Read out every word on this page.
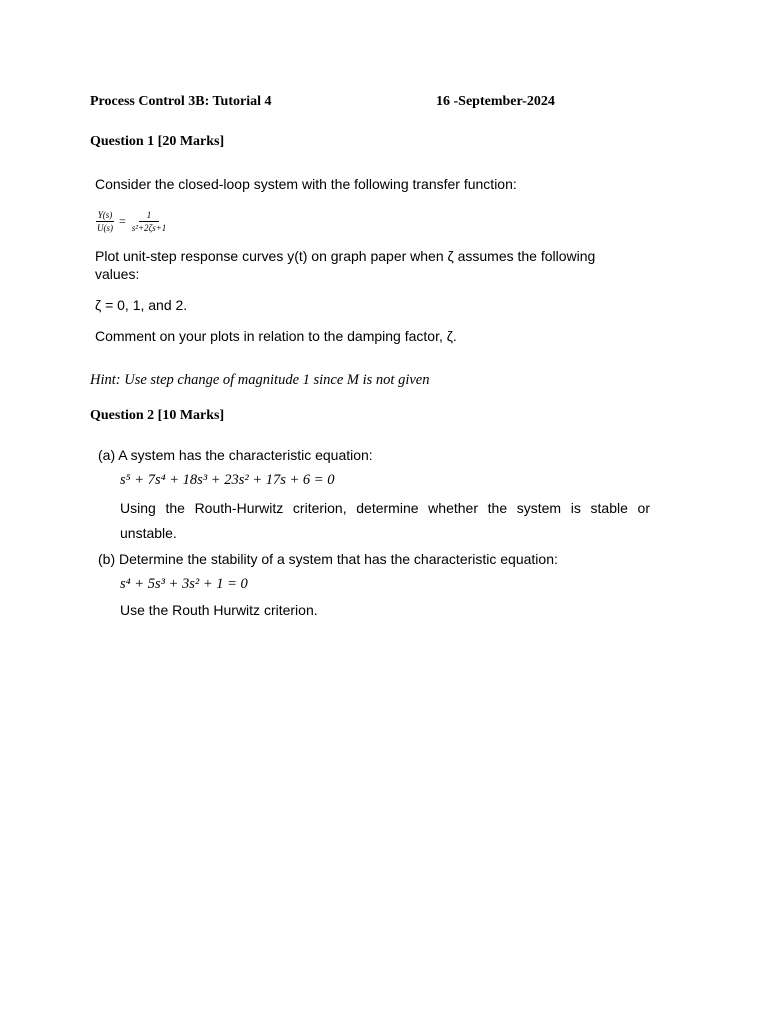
Process Control 3B: Tutorial 4	16 -September-2024
Question 1 [20 Marks]
Consider the closed-loop system with the following transfer function:
$\frac{Y(s)}{U(s)} = \frac{1}{\text{s²+2ζs+1}}$
Plot unit-step response curves y(t) on graph paper when ζ assumes the following
values:
ζ = 0, 1, and 2.
Comment on your plots in relation to the damping factor, ζ.
Hint: Use step change of magnitude 1 since M is not given
Question 2 [10 Marks]
(a) A system has the characteristic equation:
s⁵ + 7s⁴ + 18s³ + 23s² + 17s + 6 = 0
Using the Routh-Hurwitz criterion, determine whether the system is stable or
unstable.
(b) Determine the stability of a system that has the characteristic equation:
s⁴ + 5s³ + 3s² + 1 = 0
Use the Routh Hurwitz criterion.
